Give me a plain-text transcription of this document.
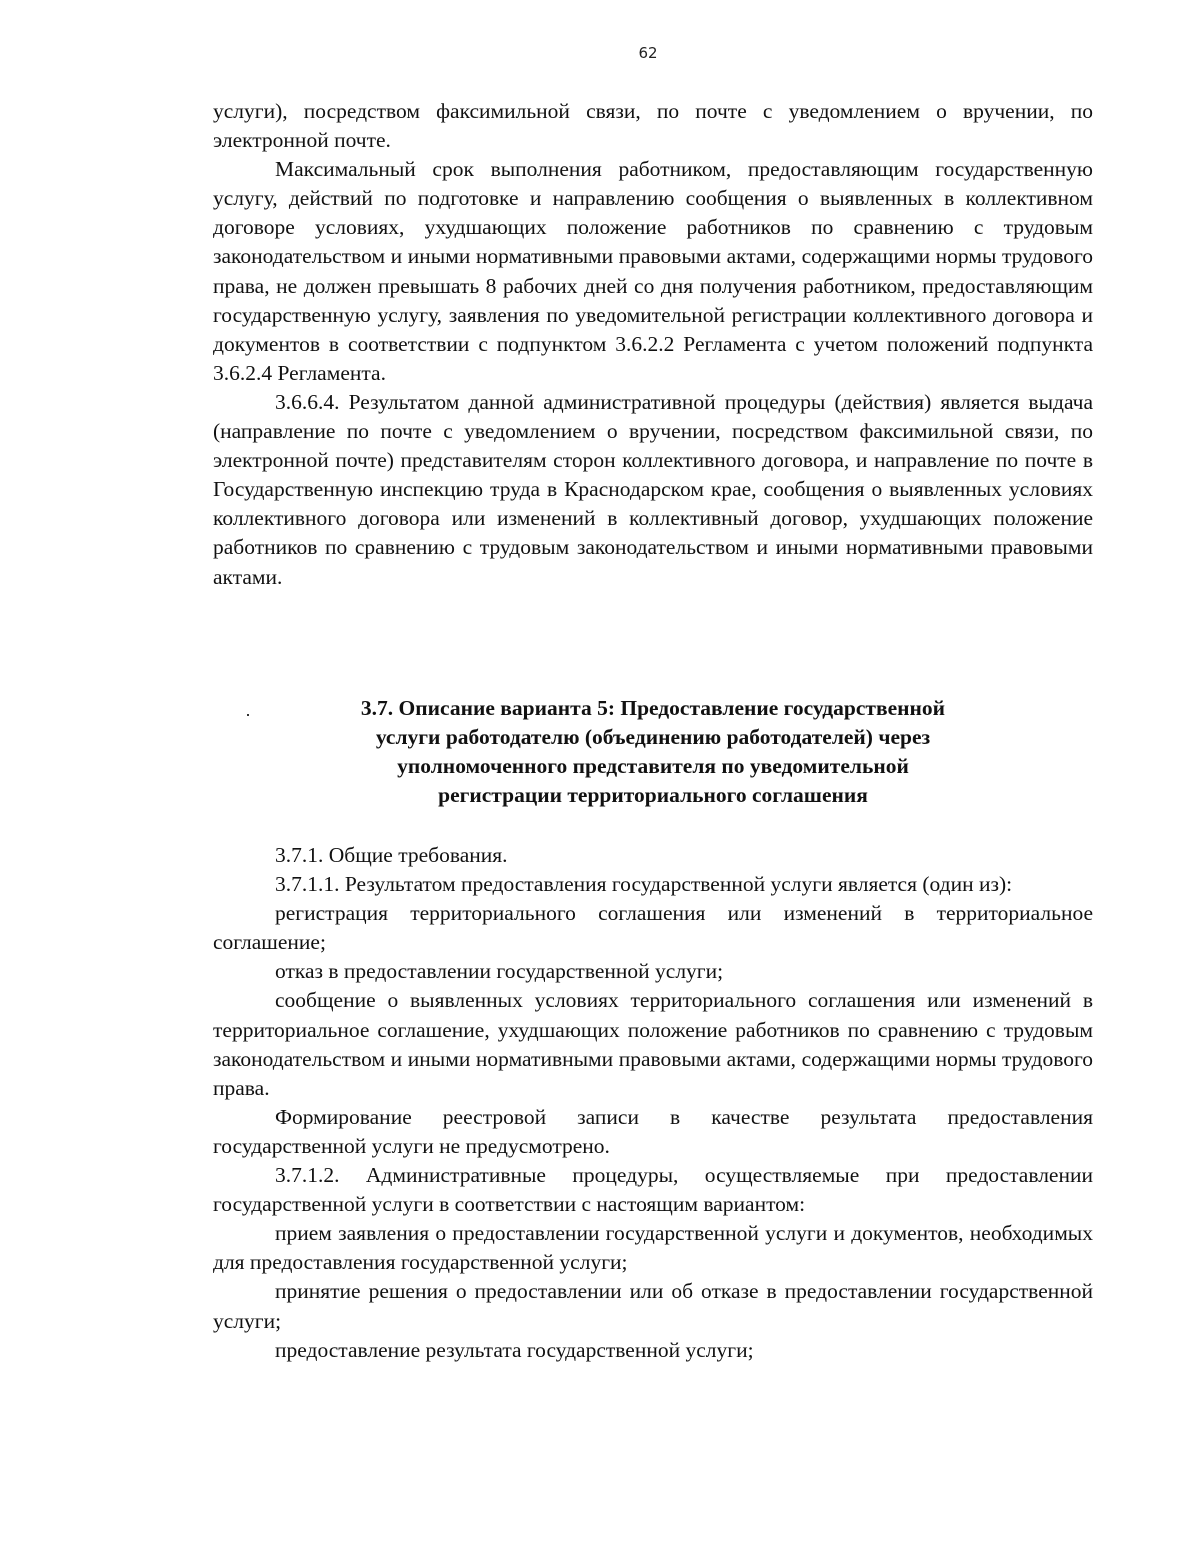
62

услуги), посредством факсимильной связи, по почте с уведомлением о вручении, по электронной почте.

Максимальный срок выполнения работником, предоставляющим государственную услугу, действий по подготовке и направлению сообщения о выявленных в коллективном договоре условиях, ухудшающих положение работников по сравнению с трудовым законодательством и иными нормативными правовыми актами, содержащими нормы трудового права, не должен превышать 8 рабочих дней со дня получения работником, предоставляющим государственную услугу, заявления по уведомительной регистрации коллективного договора и документов в соответствии с подпунктом 3.6.2.2 Регламента с учетом положений подпункта 3.6.2.4 Регламента.

3.6.6.4. Результатом данной административной процедуры (действия) является выдача (направление по почте с уведомлением о вручении, посредством факсимильной связи, по электронной почте) представителям сторон коллективного договора, и направление по почте в Государственную инспекцию труда в Краснодарском крае, сообщения о выявленных условиях коллективного договора или изменений в коллективный договор, ухудшающих положение работников по сравнению с трудовым законодательством и иными нормативными правовыми актами.

3.7. Описание варианта 5: Предоставление государственной
услуги работодателю (объединению работодателей) через
уполномоченного представителя по уведомительной
регистрации территориального соглашения

3.7.1. Общие требования.

3.7.1.1. Результатом предоставления государственной услуги является (один из):

регистрация территориального соглашения или изменений в территориальное соглашение;

отказ в предоставлении государственной услуги;

сообщение о выявленных условиях территориального соглашения или изменений в территориальное соглашение, ухудшающих положение работников по сравнению с трудовым законодательством и иными нормативными правовыми актами, содержащими нормы трудового права.

Формирование реестровой записи в качестве результата предоставления государственной услуги не предусмотрено.

3.7.1.2. Административные процедуры, осуществляемые при предоставлении государственной услуги в соответствии с настоящим вариантом:

прием заявления о предоставлении государственной услуги и документов, необходимых для предоставления государственной услуги;

принятие решения о предоставлении или об отказе в предоставлении государственной услуги;

предоставление результата государственной услуги;
